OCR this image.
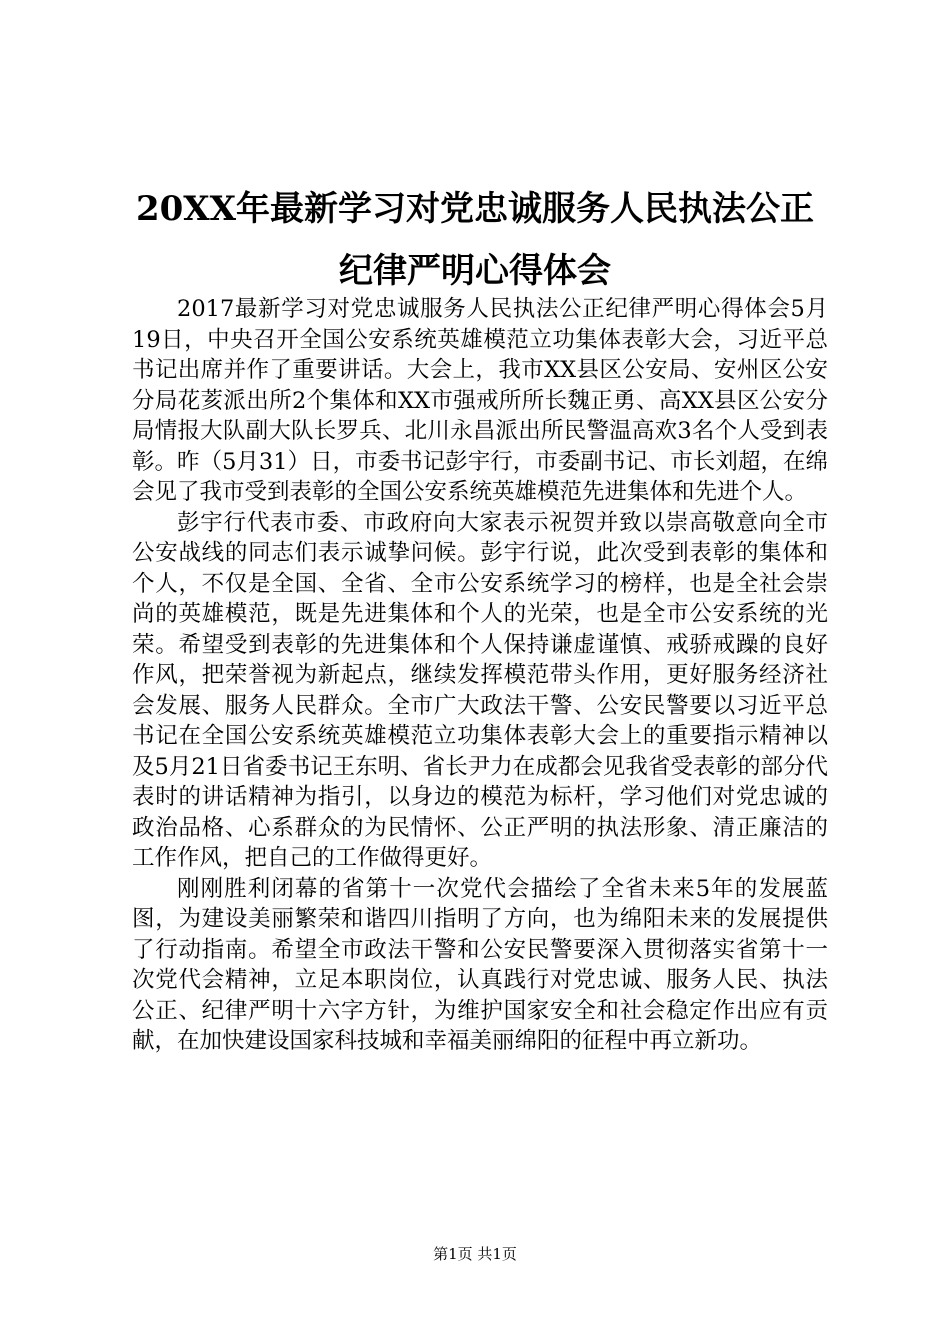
20XX年最新学习对党忠诚服务人民执法公正
纪律严明心得体会

2017最新学习对党忠诚服务人民执法公正纪律严明心得体会5月19日，中央召开全国公安系统英雄模范立功集体表彰大会，习近平总书记出席并作了重要讲话。大会上，我市XX县区公安局、安州区公安分局花荄派出所2个集体和XX市强戒所所长魏正勇、高XX县区公安分局情报大队副大队长罗兵、北川永昌派出所民警温高欢3名个人受到表彰。昨（5月31）日，市委书记彭宇行，市委副书记、市长刘超，在绵会见了我市受到表彰的全国公安系统英雄模范先进集体和先进个人。

彭宇行代表市委、市政府向大家表示祝贺并致以崇高敬意向全市公安战线的同志们表示诚挚问候。彭宇行说，此次受到表彰的集体和个人，不仅是全国、全省、全市公安系统学习的榜样，也是全社会崇尚的英雄模范，既是先进集体和个人的光荣，也是全市公安系统的光荣。希望受到表彰的先进集体和个人保持谦虚谨慎、戒骄戒躁的良好作风，把荣誉视为新起点，继续发挥模范带头作用，更好服务经济社会发展、服务人民群众。全市广大政法干警、公安民警要以习近平总书记在全国公安系统英雄模范立功集体表彰大会上的重要指示精神以及5月21日省委书记王东明、省长尹力在成都会见我省受表彰的部分代表时的讲话精神为指引，以身边的模范为标杆，学习他们对党忠诚的政治品格、心系群众的为民情怀、公正严明的执法形象、清正廉洁的工作作风，把自己的工作做得更好。

刚刚胜利闭幕的省第十一次党代会描绘了全省未来5年的发展蓝图，为建设美丽繁荣和谐四川指明了方向，也为绵阳未来的发展提供了行动指南。希望全市政法干警和公安民警要深入贯彻落实省第十一次党代会精神，立足本职岗位，认真践行对党忠诚、服务人民、执法公正、纪律严明十六字方针，为维护国家安全和社会稳定作出应有贡献，在加快建设国家科技城和幸福美丽绵阳的征程中再立新功。

第1页 共1页
